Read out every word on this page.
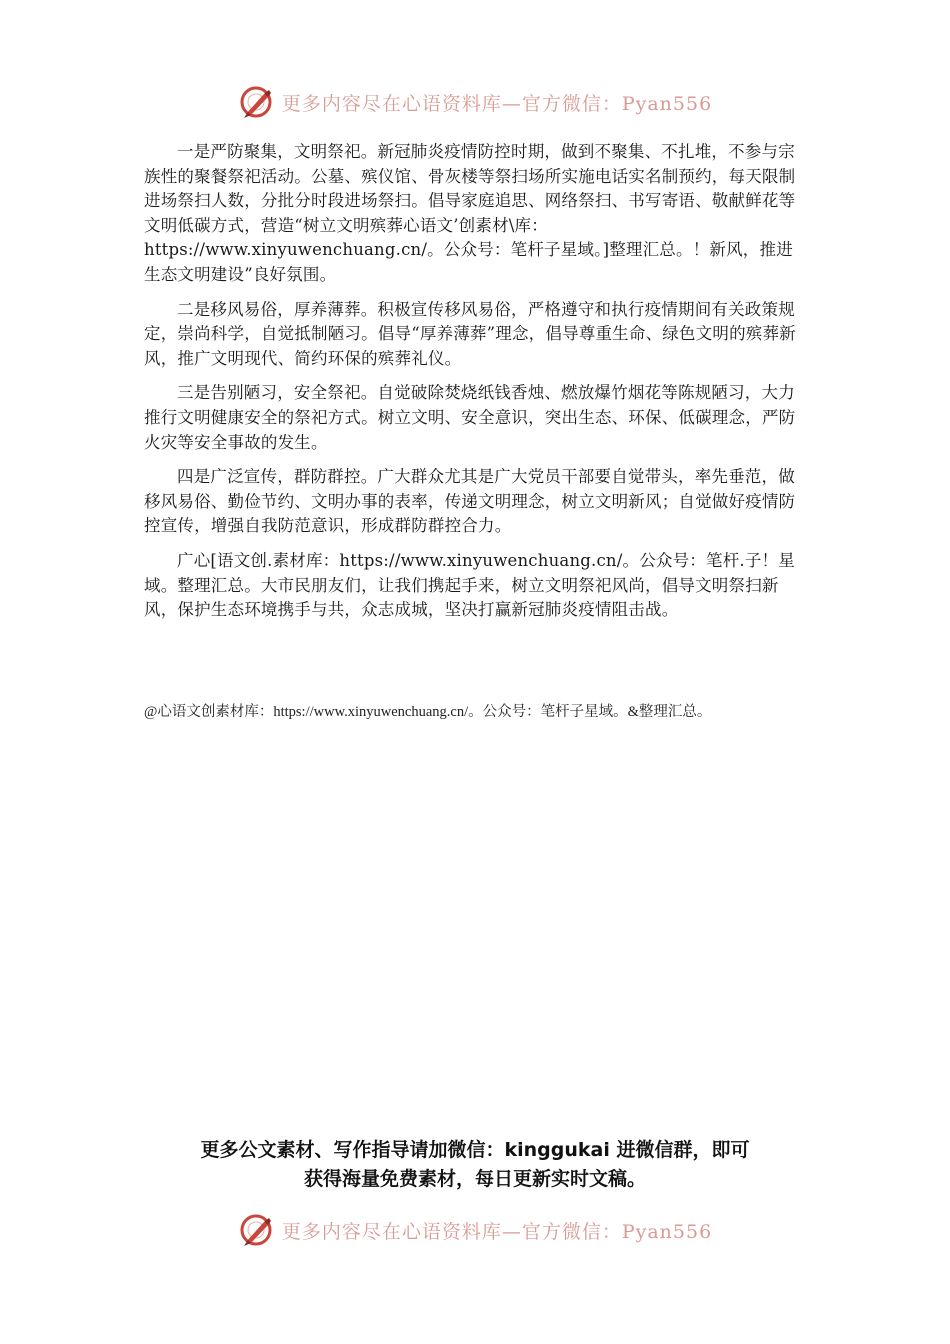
更多内容尽在心语资料库—官方微信：Pyan556

一是严防聚集，文明祭祀。新冠肺炎疫情防控时期，做到不聚集、不扎堆，不参与宗族性的聚餐祭祀活动。公墓、殡仪馆、骨灰楼等祭扫场所实施电话实名制预约，每天限制进场祭扫人数，分批分时段进场祭扫。倡导家庭追思、网络祭扫、书写寄语、敬献鲜花等文明低碳方式，营造“树立文明殡葬心语文’创素材\库：https://www.xinyuwenchuang.cn/。公众号：笔杆子星域。]整理汇总。！新风，推进生态文明建设”良好氛围。

二是移风易俗，厚养薄葬。积极宣传移风易俗，严格遵守和执行疫情期间有关政策规定，崇尚科学，自觉抵制陋习。倡导“厚养薄葬”理念，倡导尊重生命、绿色文明的殡葬新风，推广文明现代、简约环保的殡葬礼仪。

三是告别陋习，安全祭祀。自觉破除焚烧纸钱香烛、燃放爆竹烟花等陈规陋习，大力推行文明健康安全的祭祀方式。树立文明、安全意识，突出生态、环保、低碳理念，严防火灾等安全事故的发生。

四是广泛宣传，群防群控。广大群众尤其是广大党员干部要自觉带头，率先垂范，做移风易俗、勤俭节约、文明办事的表率，传递文明理念，树立文明新风；自觉做好疫情防控宣传，增强自我防范意识，形成群防群控合力。

广心[语文创.素材库：https://www.xinyuwenchuang.cn/。公众号：笔杆.子！星域。整理汇总。大市民朋友们，让我们携起手来，树立文明祭祀风尚，倡导文明祭扫新风，保护生态环境携手与共，众志成城，坚决打赢新冠肺炎疫情阻击战。

@心语文创素材库：https://www.xinyuwenchuang.cn/。公众号：笔杆子星域。&整理汇总。
更多公文素材、写作指导请加微信：kinggukai 进微信群，即可
获得海量免费素材，每日更新实时文稿。
更多内容尽在心语资料库—官方微信：Pyan556
